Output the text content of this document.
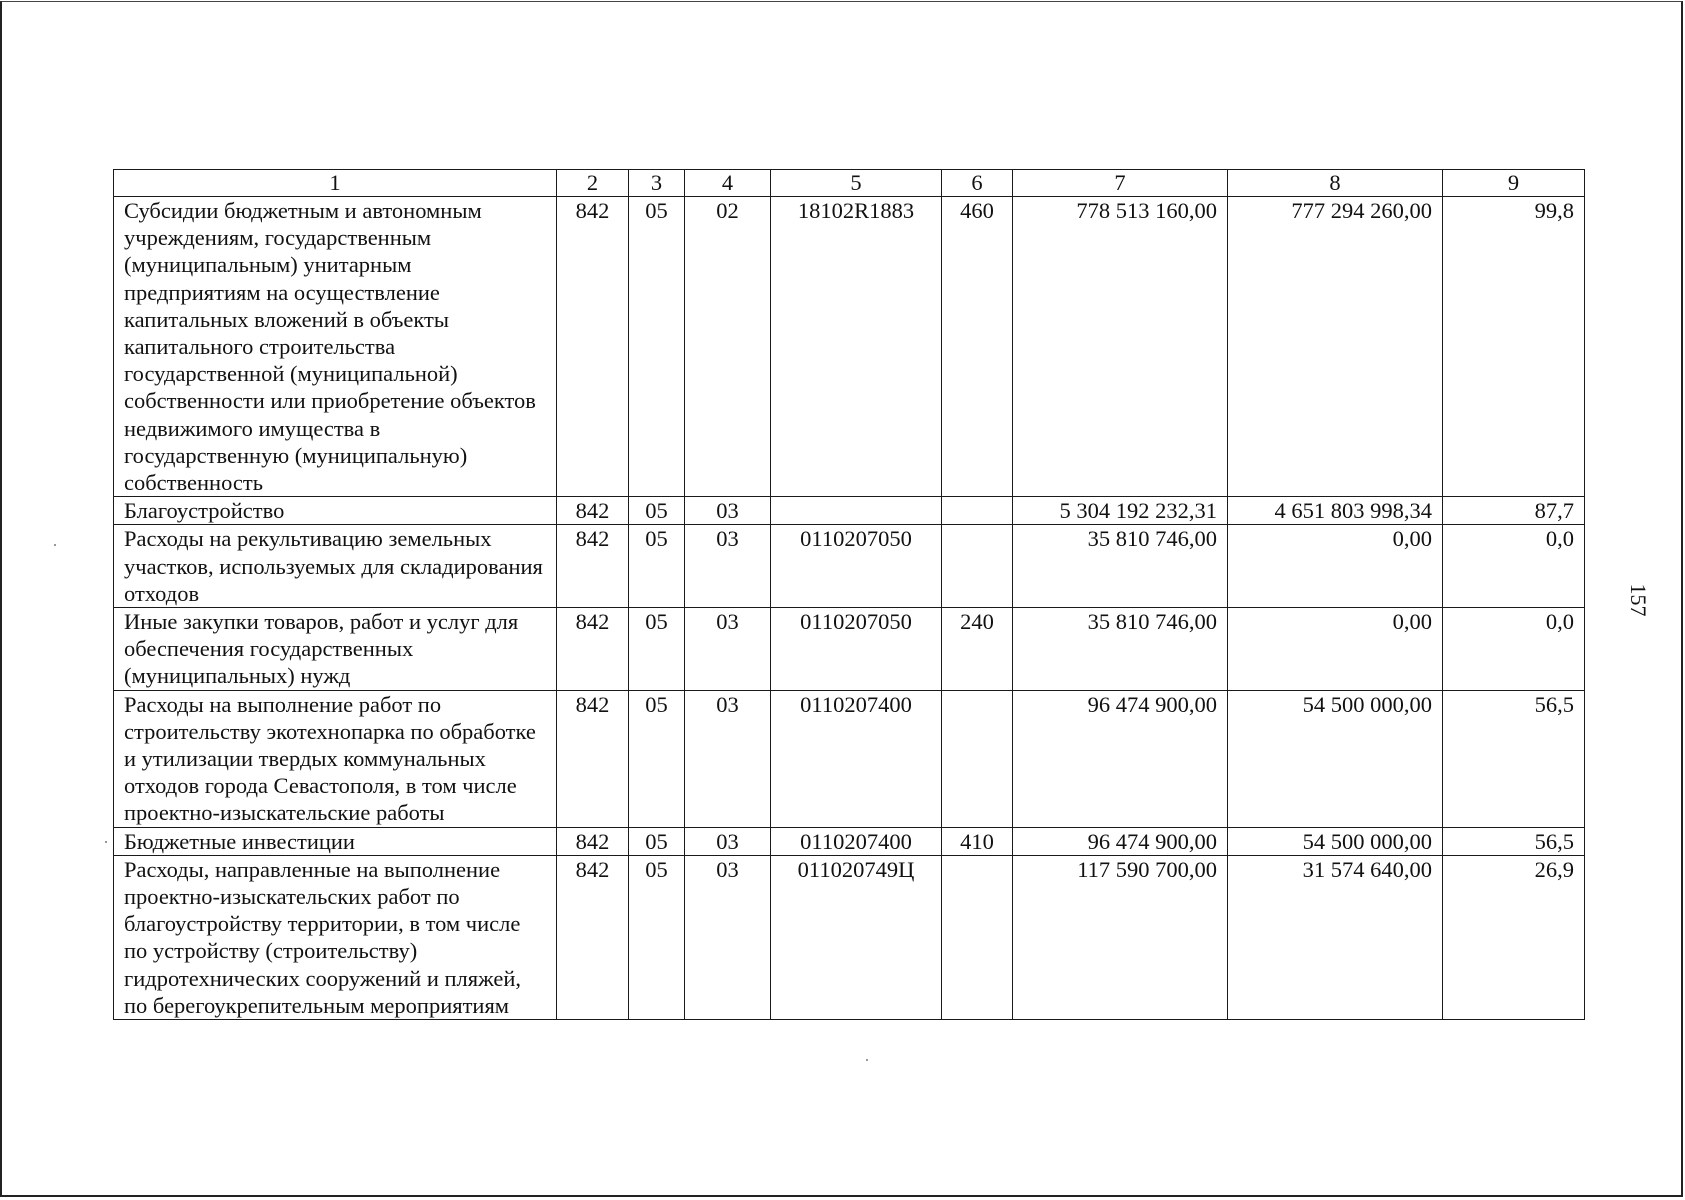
157
1	2	3	4	5	6	7	8	9
Субсидии бюджетным и автономным учреждениям, государственным (муниципальным) унитарным предприятиям на осуществление капитальных вложений в объекты капитального строительства государственной (муниципальной) собственности или приобретение объектов недвижимого имущества в государственную (муниципальную) собственность	842	05	02	18102R1883	460	778 513 160,00	777 294 260,00	99,8
Благоустройство	842	05	03			5 304 192 232,31	4 651 803 998,34	87,7
Расходы на рекультивацию земельных участков, используемых для складирования отходов	842	05	03	0110207050		35 810 746,00	0,00	0,0
Иные закупки товаров, работ и услуг для обеспечения государственных (муниципальных) нужд	842	05	03	0110207050	240	35 810 746,00	0,00	0,0
Расходы на выполнение работ по строительству экотехнопарка по обработке и утилизации твердых коммунальных отходов города Севастополя, в том числе проектно-изыскательские работы	842	05	03	0110207400		96 474 900,00	54 500 000,00	56,5
Бюджетные инвестиции	842	05	03	0110207400	410	96 474 900,00	54 500 000,00	56,5
Расходы, направленные на выполнение проектно-изыскательских работ по благоустройству территории, в том числе по устройству (строительству) гидротехнических сооружений и пляжей, по берегоукрепительным мероприятиям	842	05	03	011020749Ц		117 590 700,00	31 574 640,00	26,9
